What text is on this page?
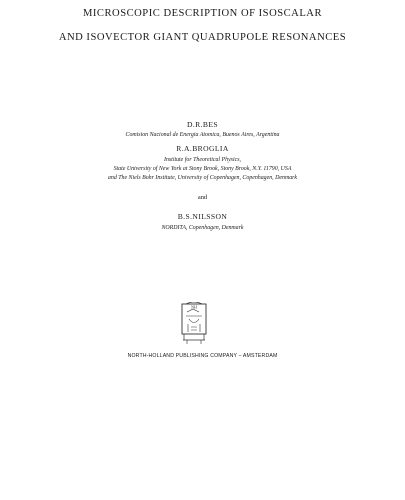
MICROSCOPIC DESCRIPTION OF ISOSCALAR
AND ISOVECTOR GIANT QUADRUPOLE RESONANCES
D.R.BES
Comision Nacional de Energia Atomica, Buenos Aires, Argentina
R.A.BROGLIA
Institute for Theoretical Physics,
State University of New York at Stony Brook, Stony Brook, N.Y. 11790, USA
and The Niels Bohr Institute, University of Copenhagen, Copenhagen, Denmark
and
B.S.NILSSON
NORDITA, Copenhagen, Denmark
NH
NORTH-HOLLAND PUBLISHING COMPANY – AMSTERDAM
